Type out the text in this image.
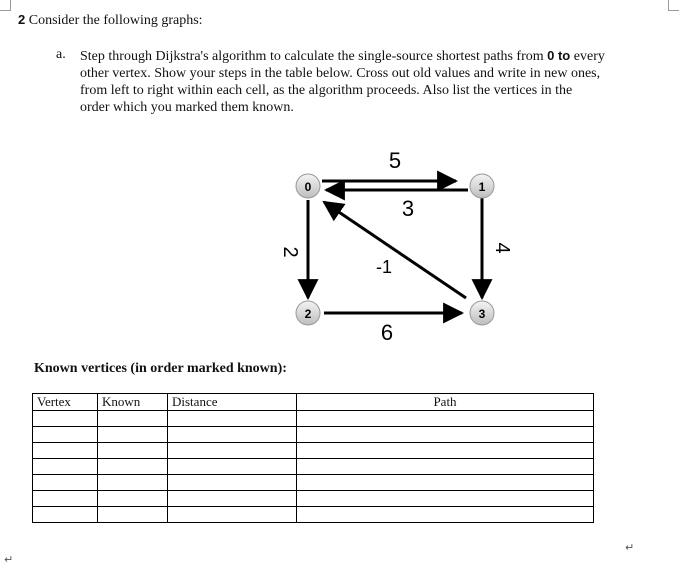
2 Consider the following graphs:
a. Step through Dijkstra's algorithm to calculate the single-source shortest paths from 0 to every other vertex. Show your steps in the table below. Cross out old values and write in new ones, from left to right within each cell, as the algorithm proceeds. Also list the vertices in the order which you marked them known.
0	1
2	3
5
3
2
-1
6
4
Known vertices (in order marked known):
Vertex	Known	Distance	Path

↵
↵
